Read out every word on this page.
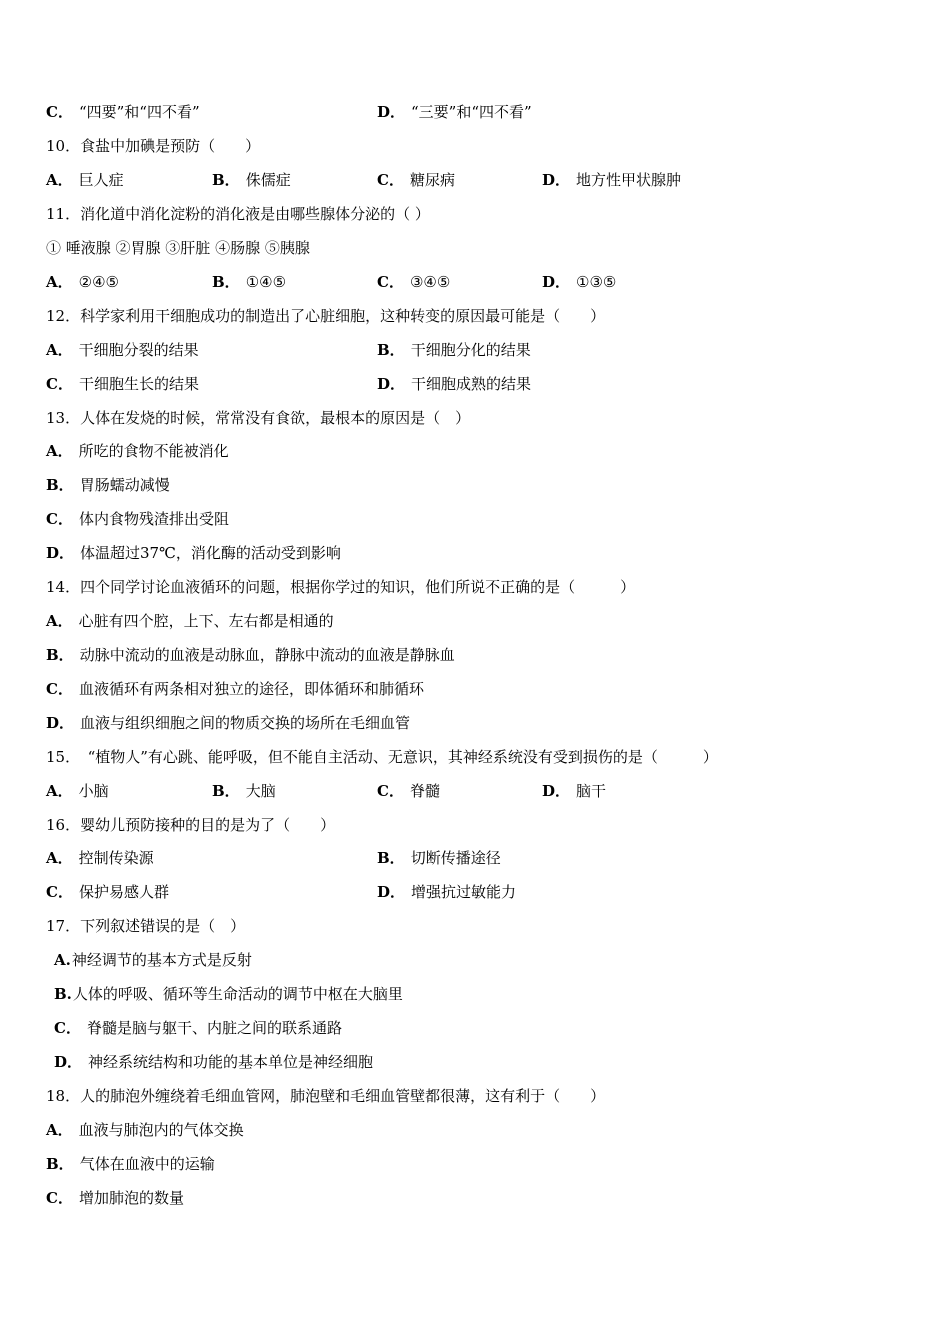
C． “四要”和“四不看”	D． “三要”和“四不看”
10．食盐中加碘是预防（　　）
A． 巨人症	B． 侏儒症	C． 糖尿病	D． 地方性甲状腺肿
11．消化道中消化淀粉的消化液是由哪些腺体分泌的（ ）
① 唾液腺 ②胃腺 ③肝脏 ④肠腺 ⑤胰腺
A． ②④⑤	B． ①④⑤	C． ③④⑤	D． ①③⑤
12．科学家利用干细胞成功的制造出了心脏细胞，这种转变的原因最可能是（　　）
A． 干细胞分裂的结果	B． 干细胞分化的结果
C． 干细胞生长的结果	D． 干细胞成熟的结果
13．人体在发烧的时候，常常没有食欲，最根本的原因是（　）
A． 所吃的食物不能被消化
B． 胃肠蠕动减慢
C． 体内食物残渣排出受阻
D． 体温超过37℃，消化酶的活动受到影响
14．四个同学讨论血液循环的问题，根据你学过的知识，他们所说不正确的是（　　　）
A． 心脏有四个腔，上下、左右都是相通的
B． 动脉中流动的血液是动脉血，静脉中流动的血液是静脉血
C． 血液循环有两条相对独立的途径，即体循环和肺循环
D． 血液与组织细胞之间的物质交换的场所在毛细血管
15．　“植物人”有心跳、能呼吸，但不能自主活动、无意识，其神经系统没有受到损伤的是（　　　）
A． 小脑	B． 大脑	C． 脊髓	D． 脑干
16．婴幼儿预防接种的目的是为了（　　）
A． 控制传染源	B． 切断传播途径
C． 保护易感人群	D． 增强抗过敏能力
17．下列叙述错误的是（　）
A.神经调节的基本方式是反射
B.人体的呼吸、循环等生命活动的调节中枢在大脑里
C． 脊髓是脑与躯干、内脏之间的联系通路
D． 神经系统结构和功能的基本单位是神经细胞
18．人的肺泡外缠绕着毛细血管网，肺泡壁和毛细血管壁都很薄，这有利于（　　）
A． 血液与肺泡内的气体交换
B． 气体在血液中的运输
C． 增加肺泡的数量
